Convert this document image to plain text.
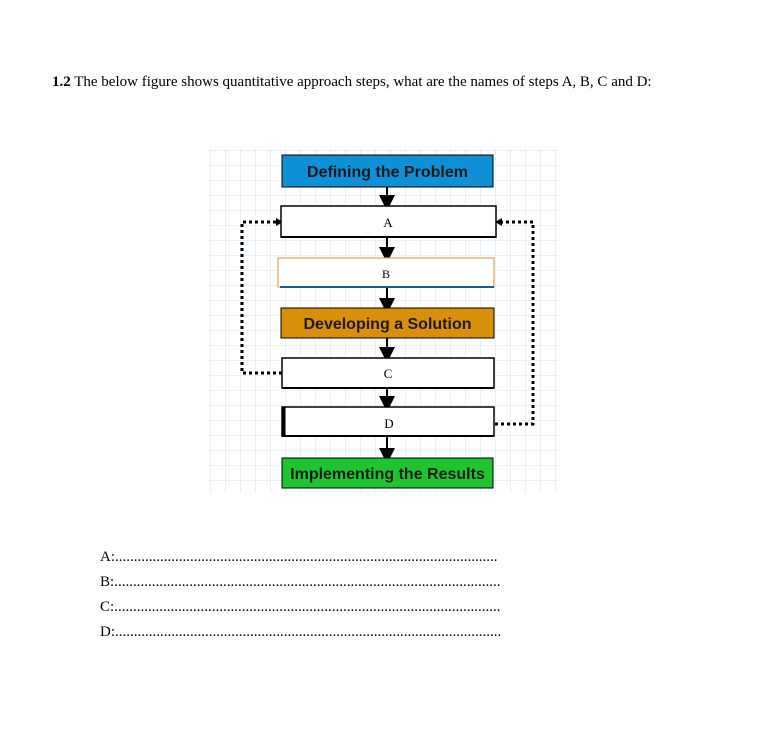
1.2 The below figure shows quantitative approach steps, what are the names of steps A, B, C and D:
Defining the Problem
A
B
Developing a Solution
C
D
Implementing the Results
A:......................................................................................................
B:.......................................................................................................
C:.......................................................................................................
D:.......................................................................................................
